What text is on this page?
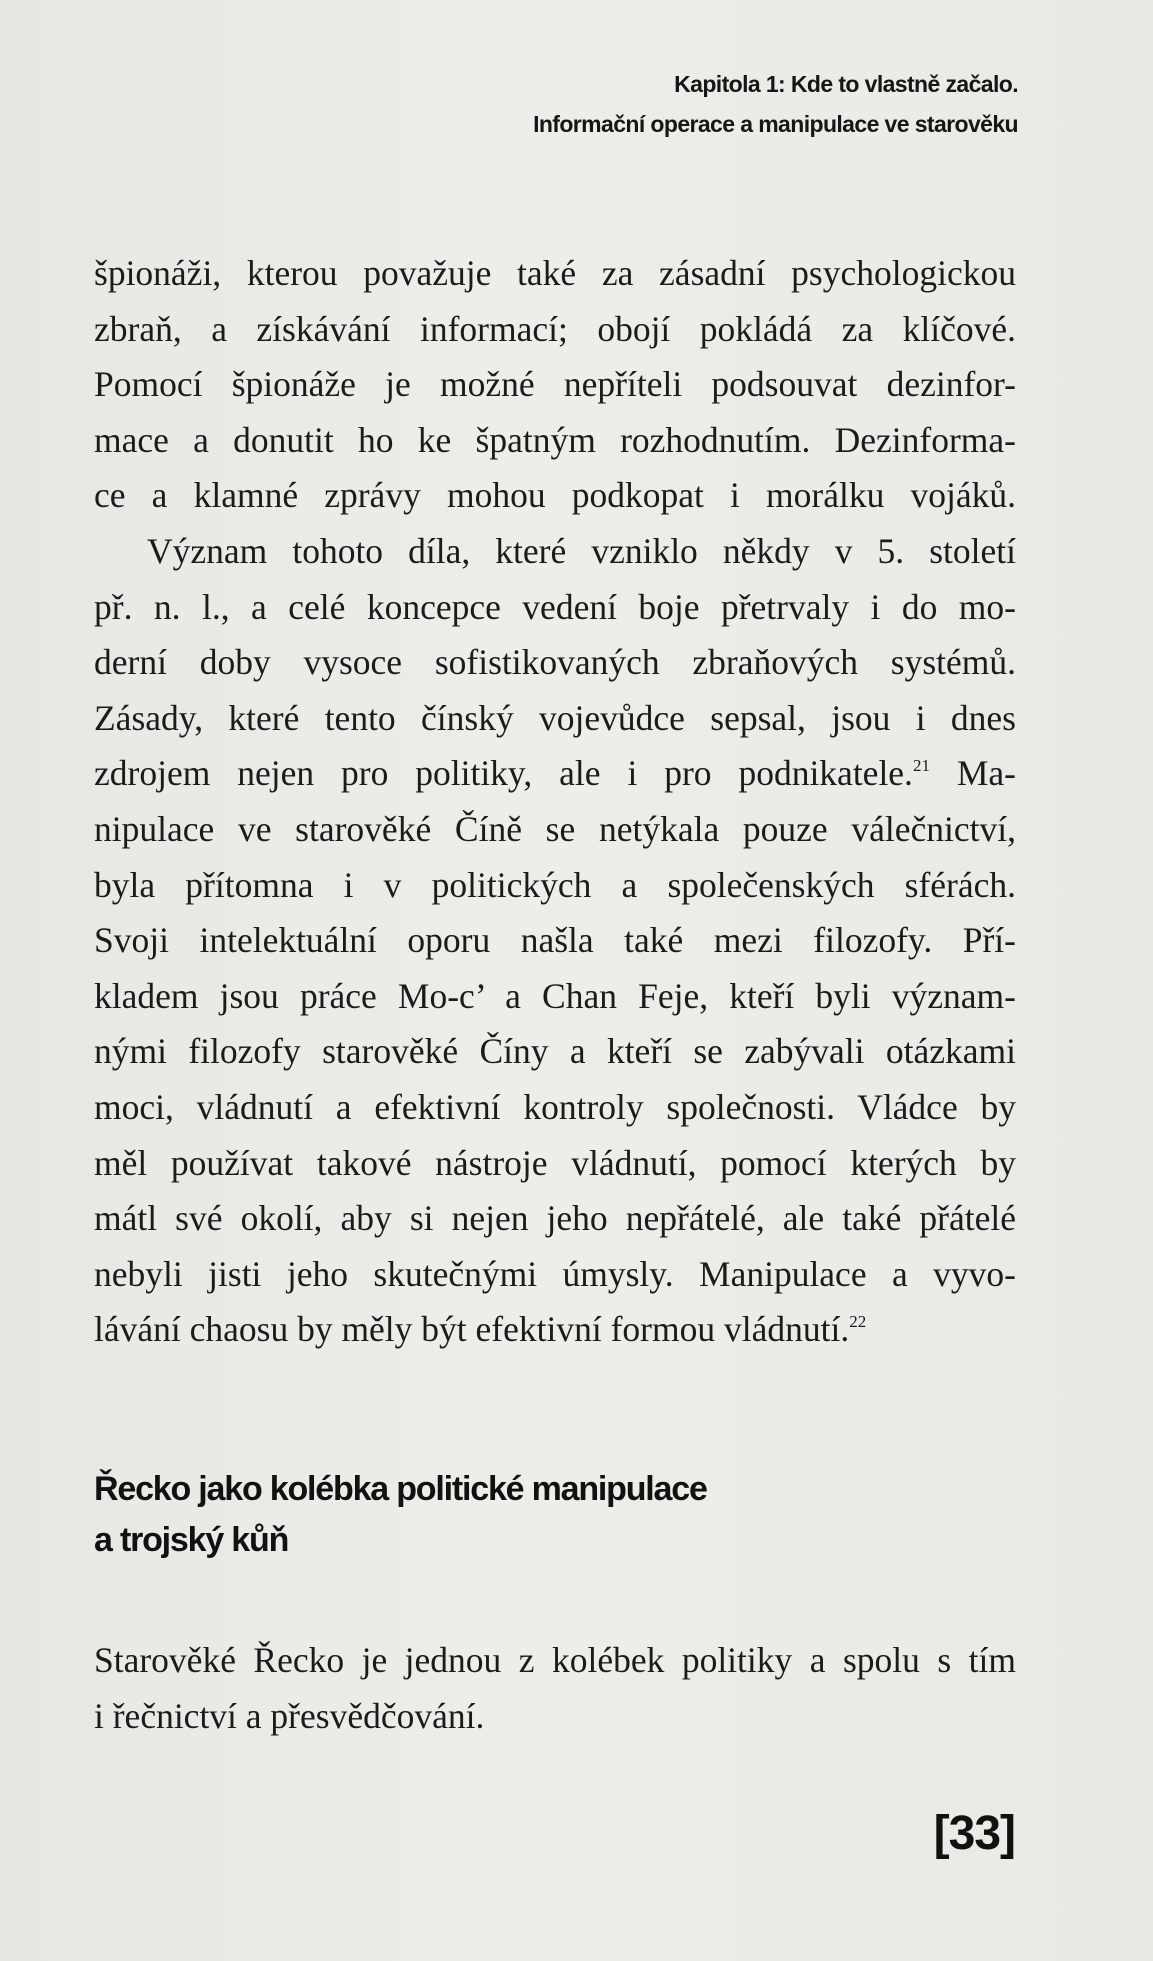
Kapitola 1: Kde to vlastně začalo.
Informační operace a manipulace ve starověku
špionáži, kterou považuje také za zásadní psychologickou
zbraň, a získávání informací; obojí pokládá za klíčové.
Pomocí špionáže je možné nepříteli podsouvat dezinfor-
mace a donutit ho ke špatným rozhodnutím. Dezinforma-
ce a klamné zprávy mohou podkopat i morálku vojáků.
Význam tohoto díla, které vzniklo někdy v 5. století
př. n. l., a celé koncepce vedení boje přetrvaly i do mo-
derní doby vysoce sofistikovaných zbraňových systémů.
Zásady, které tento čínský vojevůdce sepsal, jsou i dnes
zdrojem nejen pro politiky, ale i pro podnikatele.$^{21}$ Ma-
nipulace ve starověké Číně se netýkala pouze válečnictví,
byla přítomna i v politických a společenských sférách.
Svoji intelektuální oporu našla také mezi filozofy. Pří-
kladem jsou práce Mo-c’ a Chan Feje, kteří byli význam-
nými filozofy starověké Číny a kteří se zabývali otázkami
moci, vládnutí a efektivní kontroly společnosti. Vládce by
měl používat takové nástroje vládnutí, pomocí kterých by
mátl své okolí, aby si nejen jeho nepřátelé, ale také přátelé
nebyli jisti jeho skutečnými úmysly. Manipulace a vyvo-
lávání chaosu by měly být efektivní formou vládnutí.$^{22}$
Řecko jako kolébka politické manipulace
a trojský kůň
Starověké Řecko je jednou z kolébek politiky a spolu s tím
i řečnictví a přesvědčování.
[33]
